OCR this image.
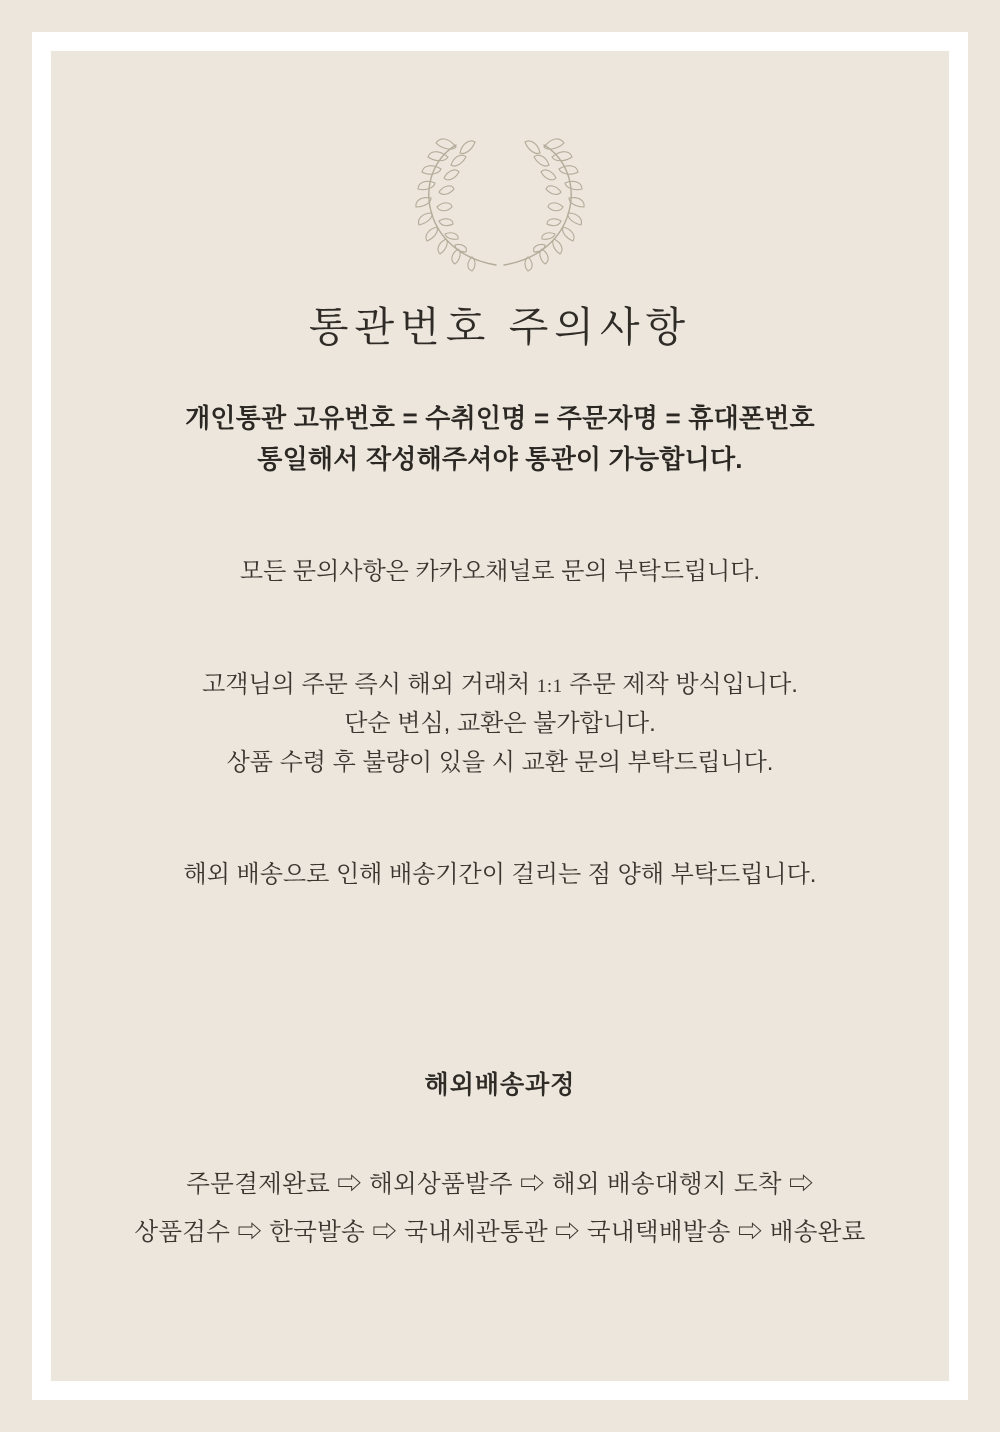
통관번호 주의사항
개인통관 고유번호 = 수취인명 = 주문자명 = 휴대폰번호
통일해서 작성해주셔야 통관이 가능합니다.
모든 문의사항은 카카오채널로 문의 부탁드립니다.
고객님의 주문 즉시 해외 거래처 1:1 주문 제작 방식입니다.
단순 변심, 교환은 불가합니다.
상품 수령 후 불량이 있을 시 교환 문의 부탁드립니다.
해외 배송으로 인해 배송기간이 걸리는 점 양해 부탁드립니다.
해외배송과정
주문결제완료 ⇨ 해외상품발주 ⇨ 해외 배송대행지 도착 ⇨
상품검수 ⇨ 한국발송 ⇨ 국내세관통관 ⇨ 국내택배발송 ⇨ 배송완료
